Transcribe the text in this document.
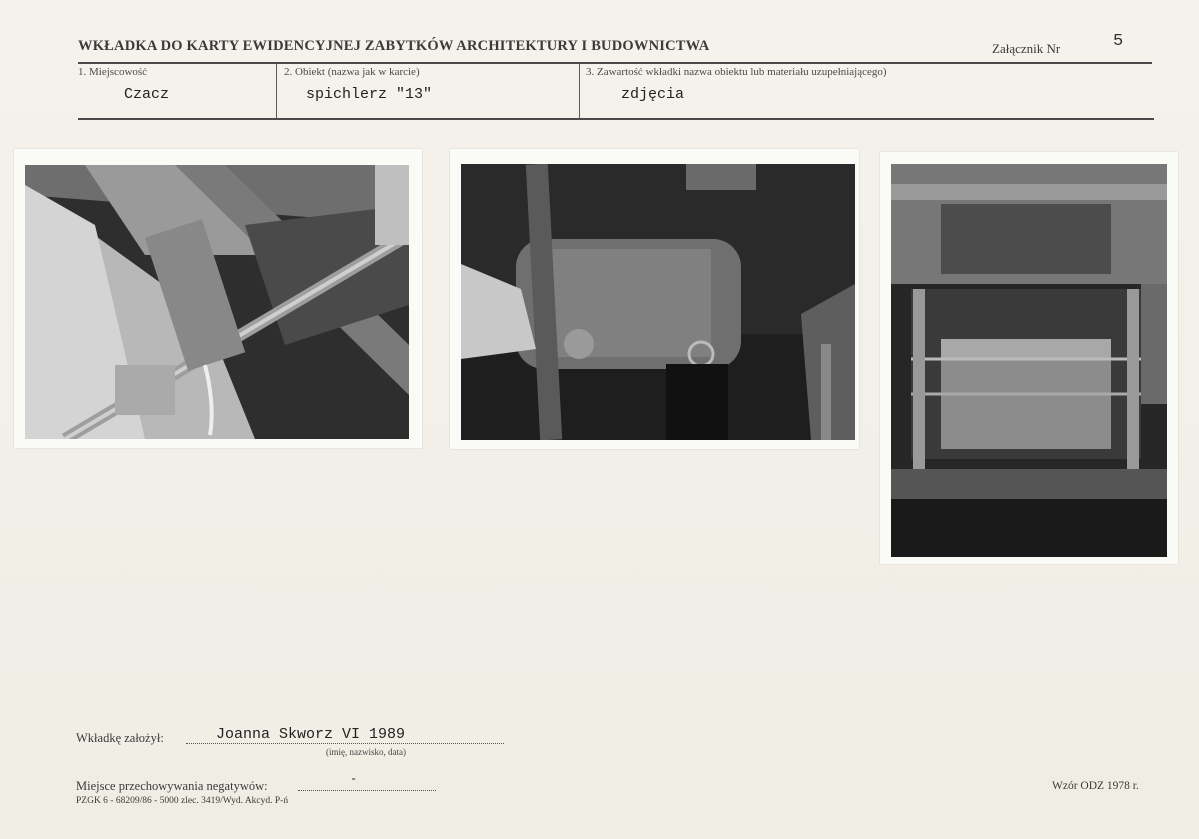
WKŁADKA DO KARTY EWIDENCYJNEJ ZABYTKÓW ARCHITEKTURY I BUDOWNICTWA	Załącznik Nr	5
1. Miejscowość
Czacz
2. Obiekt (nazwa jak w karcie)
spichlerz "13"
3. Zawartość wkładki nazwa obiektu lub materiału uzupełniającego)
zdjęcia
Wkładkę założył:	Joanna Skworz VI 1989
(imię, nazwisko, data)
Miejsce przechowywania negatywów:	-
PZGK 6 - 68209/86 - 5000 zlec. 3419/Wyd. Akcyd. P-ń
Wzór ODZ 1978 r.
